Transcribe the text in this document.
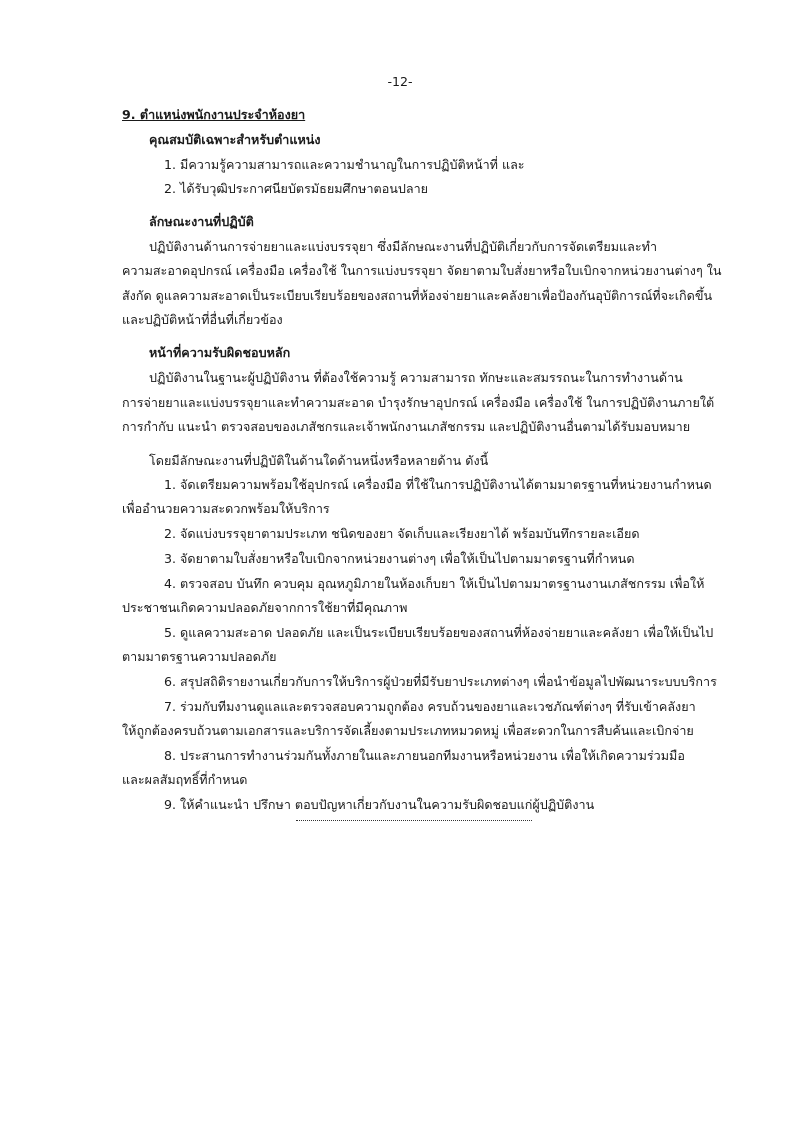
-12-
9. ตำแหน่งพนักงานประจำห้องยา
คุณสมบัติเฉพาะสำหรับตำแหน่ง
1. มีความรู้ความสามารถและความชำนาญในการปฏิบัติหน้าที่ และ
2. ได้รับวุฒิประกาศนียบัตรมัธยมศึกษาตอนปลาย
ลักษณะงานที่ปฏิบัติ
ปฏิบัติงานด้านการจ่ายยาและแบ่งบรรจุยา ซึ่งมีลักษณะงานที่ปฏิบัติเกี่ยวกับการจัดเตรียมและทำ
ความสะอาดอุปกรณ์ เครื่องมือ เครื่องใช้ ในการแบ่งบรรจุยา จัดยาตามใบสั่งยาหรือใบเบิกจากหน่วยงานต่างๆ ใน
สังกัด ดูแลความสะอาดเป็นระเบียบเรียบร้อยของสถานที่ห้องจ่ายยาและคลังยาเพื่อป้องกันอุบัติการณ์ที่จะเกิดขึ้น
และปฏิบัติหน้าที่อื่นที่เกี่ยวข้อง
หน้าที่ความรับผิดชอบหลัก
ปฏิบัติงานในฐานะผู้ปฏิบัติงาน ที่ต้องใช้ความรู้ ความสามารถ ทักษะและสมรรถนะในการทำงานด้าน
การจ่ายยาและแบ่งบรรจุยาและทำความสะอาด บำรุงรักษาอุปกรณ์ เครื่องมือ เครื่องใช้ ในการปฏิบัติงานภายใต้
การกำกับ แนะนำ ตรวจสอบของเภสัชกรและเจ้าพนักงานเภสัชกรรม และปฏิบัติงานอื่นตามได้รับมอบหมาย
โดยมีลักษณะงานที่ปฏิบัติในด้านใดด้านหนึ่งหรือหลายด้าน ดังนี้
1. จัดเตรียมความพร้อมใช้อุปกรณ์ เครื่องมือ ที่ใช้ในการปฏิบัติงานได้ตามมาตรฐานที่หน่วยงานกำหนด
เพื่ออำนวยความสะดวกพร้อมให้บริการ
2. จัดแบ่งบรรจุยาตามประเภท ชนิดของยา จัดเก็บและเรียงยาได้ พร้อมบันทึกรายละเอียด
3. จัดยาตามใบสั่งยาหรือใบเบิกจากหน่วยงานต่างๆ เพื่อให้เป็นไปตามมาตรฐานที่กำหนด
4. ตรวจสอบ บันทึก ควบคุม อุณหภูมิภายในห้องเก็บยา ให้เป็นไปตามมาตรฐานงานเภสัชกรรม เพื่อให้
ประชาชนเกิดความปลอดภัยจากการใช้ยาที่มีคุณภาพ
5. ดูแลความสะอาด ปลอดภัย และเป็นระเบียบเรียบร้อยของสถานที่ห้องจ่ายยาและคลังยา เพื่อให้เป็นไป
ตามมาตรฐานความปลอดภัย
6. สรุปสถิติรายงานเกี่ยวกับการให้บริการผู้ป่วยที่มีรับยาประเภทต่างๆ เพื่อนำข้อมูลไปพัฒนาระบบบริการ
7. ร่วมกับทีมงานดูแลและตรวจสอบความถูกต้อง ครบถ้วนของยาและเวชภัณฑ์ต่างๆ ที่รับเข้าคลังยา
ให้ถูกต้องครบถ้วนตามเอกสารและบริการจัดเลี้ยงตามประเภทหมวดหมู่ เพื่อสะดวกในการสืบค้นและเบิกจ่าย
8. ประสานการทำงานร่วมกันทั้งภายในและภายนอกทีมงานหรือหน่วยงาน เพื่อให้เกิดความร่วมมือ
และผลสัมฤทธิ์ที่กำหนด
9. ให้คำแนะนำ ปรึกษา ตอบปัญหาเกี่ยวกับงานในความรับผิดชอบแก่ผู้ปฏิบัติงาน
